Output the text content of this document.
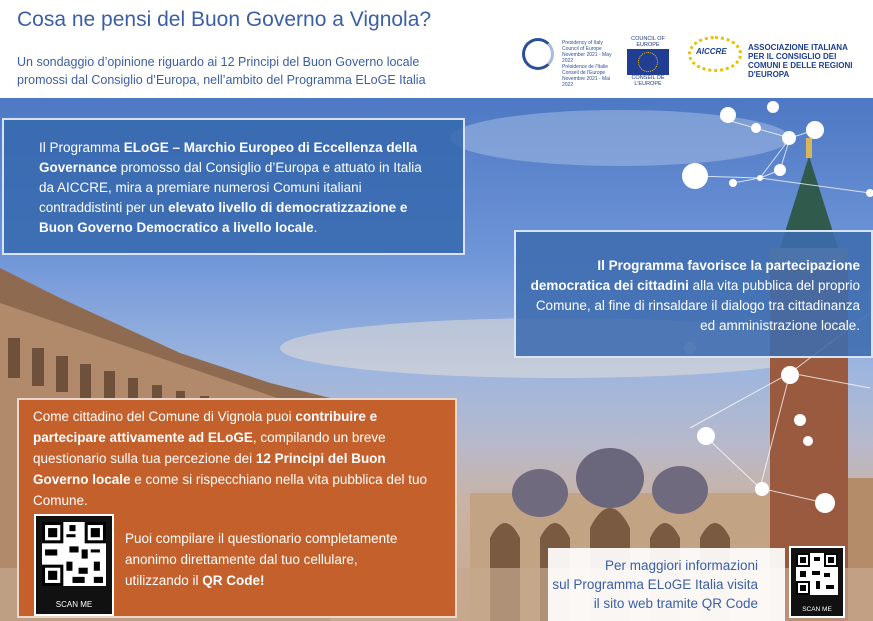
Cosa ne pensi del Buon Governo a Vignola?
Un sondaggio d’opinione riguardo ai 12 Principi del Buon Governo locale
promossi dal Consiglio d’Europa, nell’ambito del Programma ELoGE Italia
Presidency of Italy
Council of Europe
November 2021 - May 2022
Présidence de l'Italie
Conseil de l'Europe
Novembre 2021 - Mai 2022
COUNCIL OF EUROPE
CONSEIL DE L'EUROPE
AICCRE	ASSOCIAZIONE ITALIANA PER IL CONSIGLIO DEI COMUNI E DELLE REGIONI D'EUROPA

Il Programma ELoGE – Marchio Europeo di Eccellenza della Governance promosso dal Consiglio d’Europa e attuato in Italia da AICCRE, mira a premiare numerosi Comuni italiani contraddistinti per un elevato livello di democratizzazione e Buon Governo Democratico a livello locale.

Il Programma favorisce la partecipazione democratica dei cittadini alla vita pubblica del proprio Comune, al fine di rinsaldare il dialogo tra cittadinanza ed amministrazione locale.

Come cittadino del Comune di Vignola puoi contribuire e partecipare attivamente ad ELoGE, compilando un breve questionario sulla tua percezione dei 12 Principi del Buon Governo locale e come si rispecchiano nella vita pubblica del tuo Comune.

Puoi compilare il questionario completamente anonimo direttamente dal tuo cellulare, utilizzando il QR Code!

SCAN ME

Per maggiori informazioni
sul Programma ELoGE Italia visita
il sito web tramite QR Code	SCAN ME
